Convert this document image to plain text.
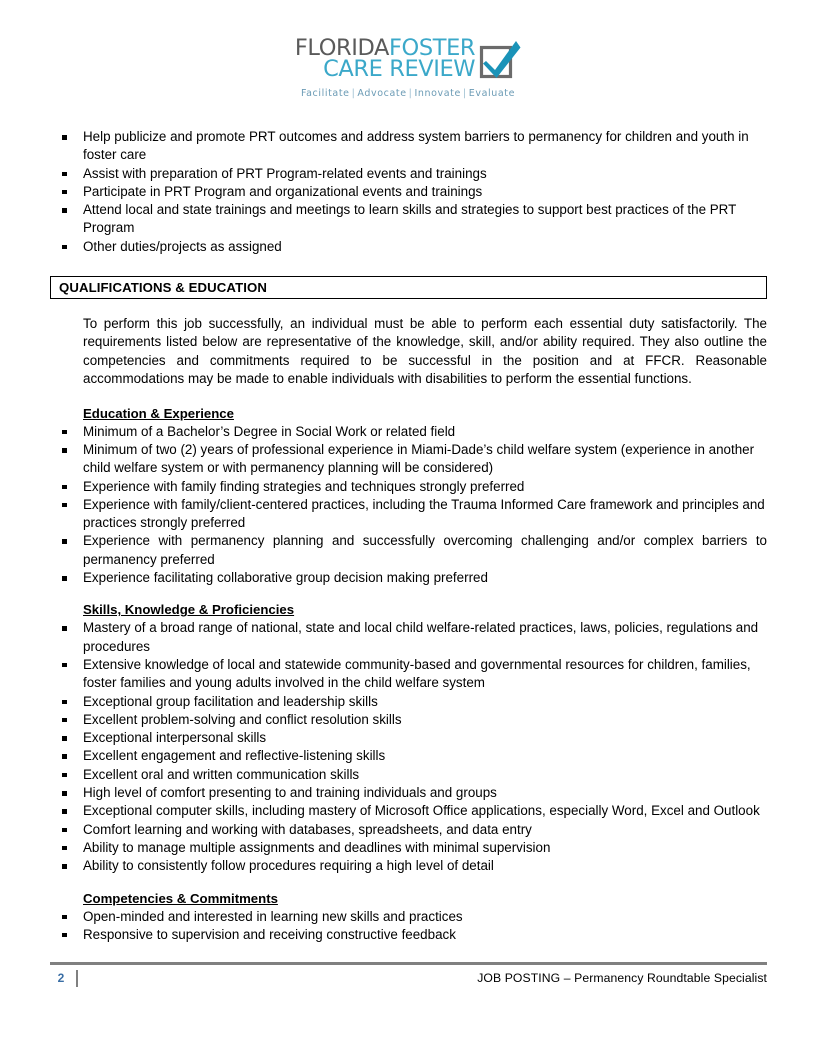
FLORIDAFOSTER
CARE REVIEW
Facilitate | Advocate | Innovate | Evaluate
Help publicize and promote PRT outcomes and address system barriers to permanency for children and youth in foster care
Assist with preparation of PRT Program-related events and trainings
Participate in PRT Program and organizational events and trainings
Attend local and state trainings and meetings to learn skills and strategies to support best practices of the PRT Program
Other duties/projects as assigned
QUALIFICATIONS & EDUCATION

To perform this job successfully, an individual must be able to perform each essential duty satisfactorily. The requirements listed below are representative of the knowledge, skill, and/or ability required. They also outline the competencies and commitments required to be successful in the position and at FFCR. Reasonable accommodations may be made to enable individuals with disabilities to perform the essential functions.

Education & Experience
Minimum of a Bachelor’s Degree in Social Work or related field
Minimum of two (2) years of professional experience in Miami-Dade’s child welfare system (experience in another child welfare system or with permanency planning will be considered)
Experience with family finding strategies and techniques strongly preferred
Experience with family/client-centered practices, including the Trauma Informed Care framework and principles and practices strongly preferred
Experience with permanency planning and successfully overcoming challenging and/or complex barriers to permanency preferred
Experience facilitating collaborative group decision making preferred
Skills, Knowledge & Proficiencies
Mastery of a broad range of national, state and local child welfare-related practices, laws, policies, regulations and procedures
Extensive knowledge of local and statewide community-based and governmental resources for children, families, foster families and young adults involved in the child welfare system
Exceptional group facilitation and leadership skills
Excellent problem-solving and conflict resolution skills
Exceptional interpersonal skills
Excellent engagement and reflective-listening skills
Excellent oral and written communication skills
High level of comfort presenting to and training individuals and groups
Exceptional computer skills, including mastery of Microsoft Office applications, especially Word, Excel and Outlook
Comfort learning and working with databases, spreadsheets, and data entry
Ability to manage multiple assignments and deadlines with minimal supervision
Ability to consistently follow procedures requiring a high level of detail
Competencies & Commitments
Open-minded and interested in learning new skills and practices
Responsive to supervision and receiving constructive feedback
2	JOB POSTING – Permanency Roundtable Specialist
